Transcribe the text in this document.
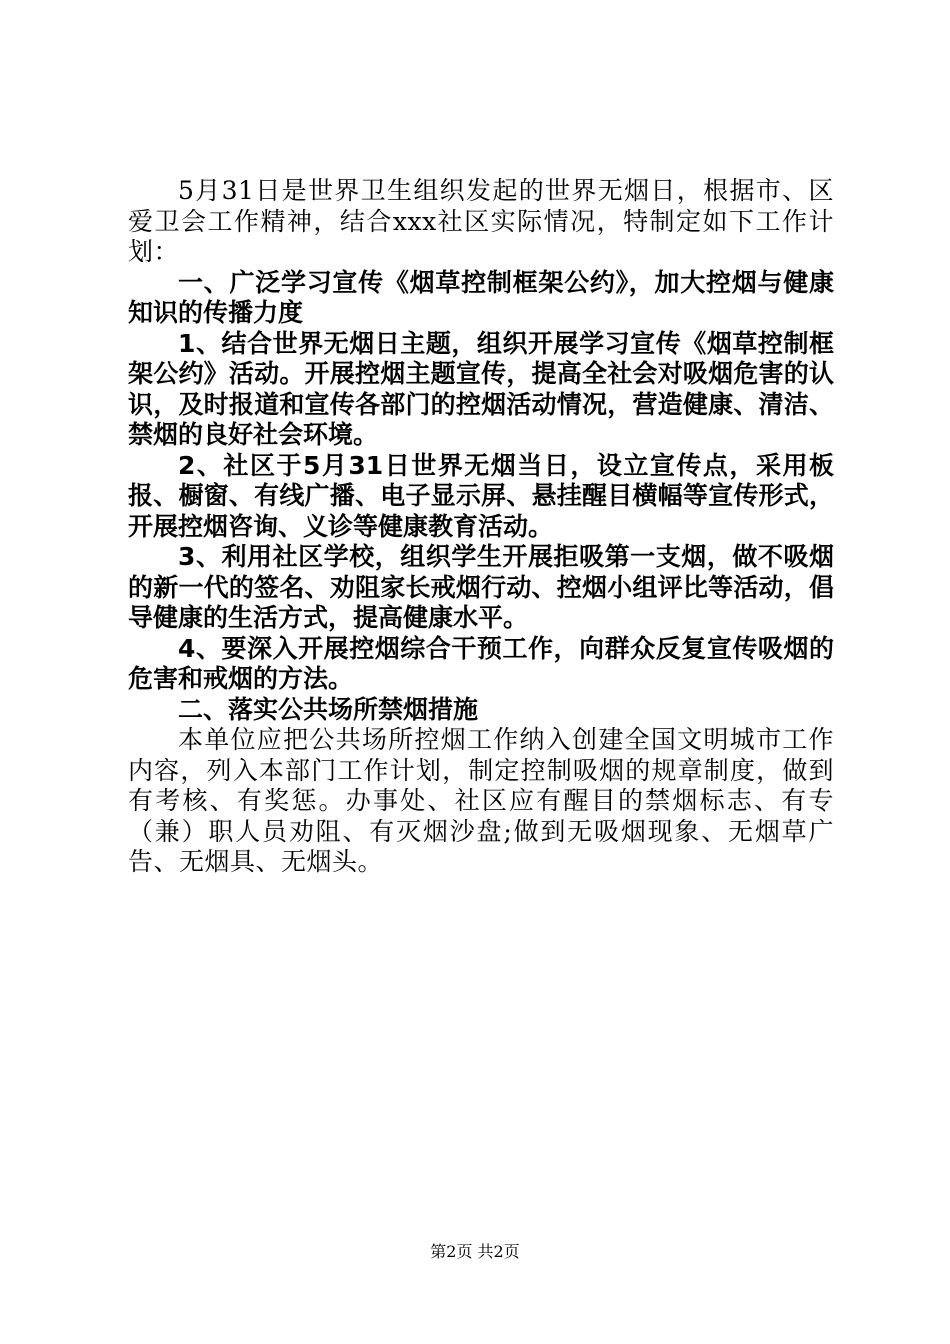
5月31日是世界卫生组织发起的世界无烟日，根据市、区爱卫会工作精神，结合xxx社区实际情况，特制定如下工作计划：

一、广泛学习宣传《烟草控制框架公约》，加大控烟与健康知识的传播力度

1、结合世界无烟日主题，组织开展学习宣传《烟草控制框架公约》活动。开展控烟主题宣传，提高全社会对吸烟危害的认识，及时报道和宣传各部门的控烟活动情况，营造健康、清洁、禁烟的良好社会环境。

2、社区于5月31日世界无烟当日，设立宣传点，采用板报、橱窗、有线广播、电子显示屏、悬挂醒目横幅等宣传形式，开展控烟咨询、义诊等健康教育活动。

3、利用社区学校，组织学生开展拒吸第一支烟，做不吸烟的新一代的签名、劝阻家长戒烟行动、控烟小组评比等活动，倡导健康的生活方式，提高健康水平。

4、要深入开展控烟综合干预工作，向群众反复宣传吸烟的危害和戒烟的方法。

二、落实公共场所禁烟措施

本单位应把公共场所控烟工作纳入创建全国文明城市工作内容，列入本部门工作计划，制定控制吸烟的规章制度，做到有考核、有奖惩。办事处、社区应有醒目的禁烟标志、有专（兼）职人员劝阻、有灭烟沙盘;做到无吸烟现象、无烟草广告、无烟具、无烟头。

第2页 共2页
